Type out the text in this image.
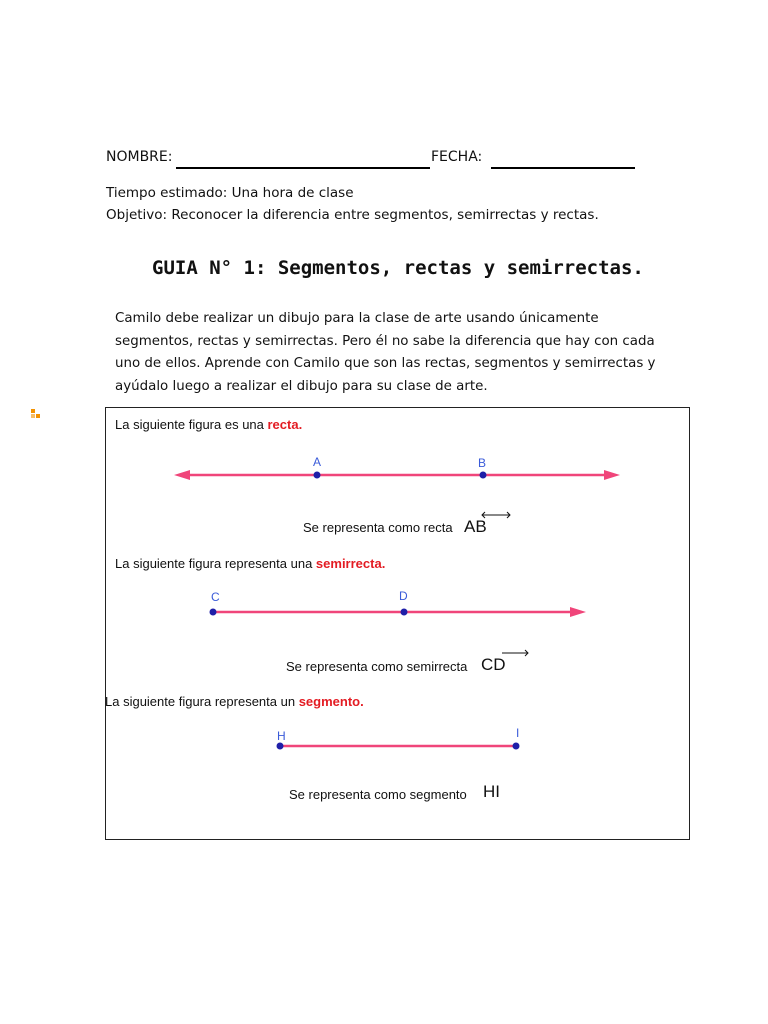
NOMBRE:	FECHA:
Tiempo estimado: Una hora de clase
Objetivo: Reconocer la diferencia entre segmentos, semirrectas y rectas.
GUIA N° 1: Segmentos, rectas y semirrectas.
Camilo debe realizar un dibujo para la clase de arte usando únicamente segmentos, rectas y semirrectas. Pero él no sabe la diferencia que hay con cada uno de ellos. Aprende con Camilo que son las rectas, segmentos y semirrectas y ayúdalo luego a realizar el dibujo para su clase de arte.
La siguiente figura es una recta.
A	B
Se representa como recta AB
La siguiente figura representa una semirrecta.
C	D
Se representa como semirrecta CD
La siguiente figura representa un segmento.
H	I
Se representa como segmento HI
